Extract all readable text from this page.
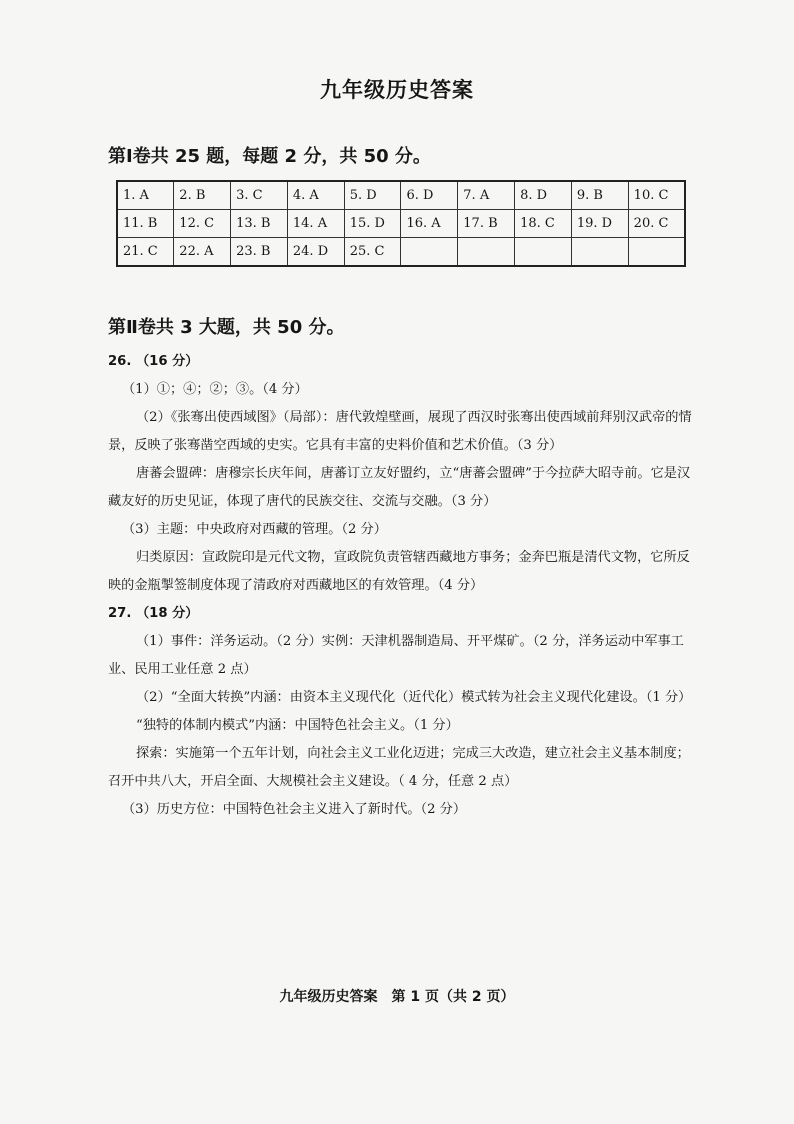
九年级历史答案
第Ⅰ卷共 25 题，每题 2 分，共 50 分。
1. A	2. B	3. C	4. A	5. D	6. D	7. A	8. D	9. B	10. C
11. B	12. C	13. B	14. A	15. D	16. A	17. B	18. C	19. D	20. C
21. C	22. A	23. B	24. D	25. C					
第Ⅱ卷共 3 大题，共 50 分。

26. （16 分）

（1）①；④；②；③。（4 分）

（2）《张骞出使西域图》（局部）：唐代敦煌壁画，展现了西汉时张骞出使西域前拜别汉武帝的情景，反映了张骞凿空西域的史实。它具有丰富的史料价值和艺术价值。（3 分）

唐蕃会盟碑：唐穆宗长庆年间，唐蕃订立友好盟约，立“唐蕃会盟碑”于今拉萨大昭寺前。它是汉藏友好的历史见证，体现了唐代的民族交往、交流与交融。（3 分）

（3）主题：中央政府对西藏的管理。（2 分）

归类原因：宣政院印是元代文物，宣政院负责管辖西藏地方事务；金奔巴瓶是清代文物，它所反映的金瓶掣签制度体现了清政府对西藏地区的有效管理。（4 分）

27. （18 分）

（1）事件：洋务运动。（2 分）实例：天津机器制造局、开平煤矿。（2 分，洋务运动中军事工业、民用工业任意 2 点）

（2）“全面大转换”内涵：由资本主义现代化（近代化）模式转为社会主义现代化建设。（1 分）

“独特的体制内模式”内涵：中国特色社会主义。（1 分）

探索：实施第一个五年计划，向社会主义工业化迈进；完成三大改造，建立社会主义基本制度；召开中共八大，开启全面、大规模社会主义建设。（ 4 分，任意 2 点）

（3）历史方位：中国特色社会主义进入了新时代。（2 分）

九年级历史答案　第 1 页（共 2 页）
